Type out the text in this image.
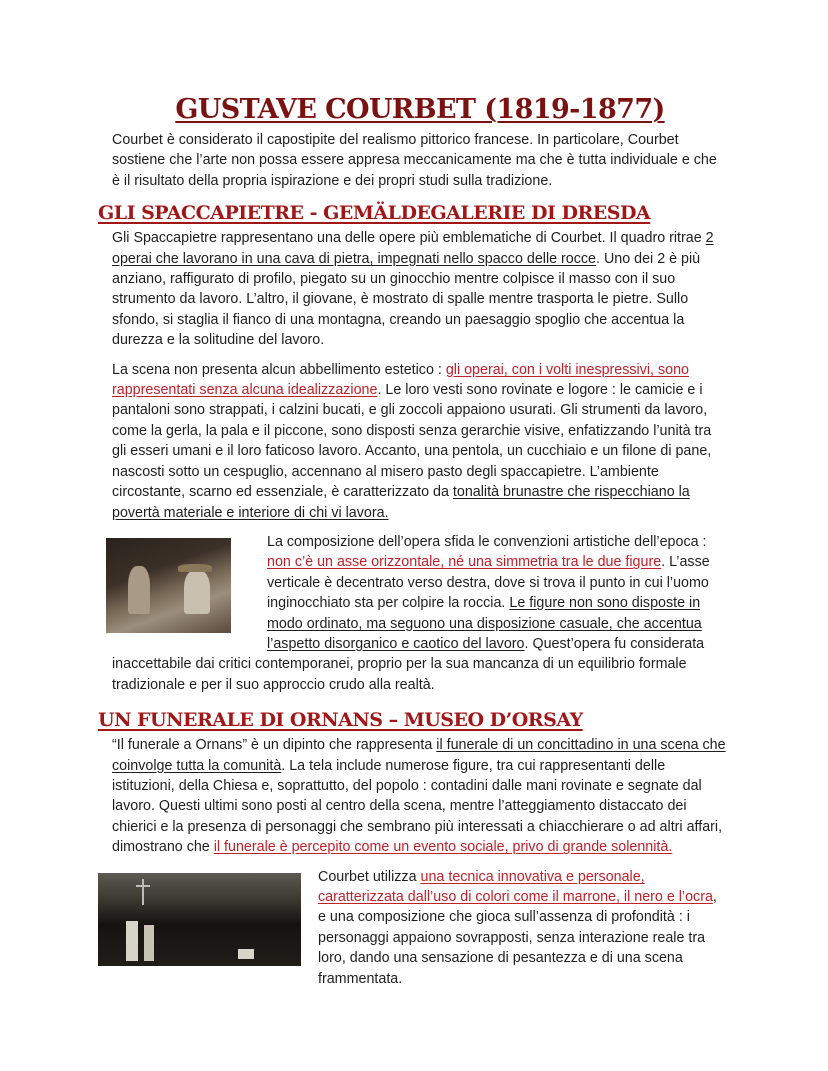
GUSTAVE COURBET (1819-1877)

Courbet è considerato il capostipite del realismo pittorico francese. In particolare, Courbet sostiene che l’arte non possa essere appresa meccanicamente ma che è tutta individuale e che è il risultato della propria ispirazione e dei propri studi sulla tradizione.

GLI SPACCAPIETRE - GEMÄLDEGALERIE DI DRESDA

Gli Spaccapietre rappresentano una delle opere più emblematiche di Courbet. Il quadro ritrae 2 operai che lavorano in una cava di pietra, impegnati nello spacco delle rocce. Uno dei 2 è più anziano, raffigurato di profilo, piegato su un ginocchio mentre colpisce il masso con il suo strumento da lavoro. L’altro, il giovane, è mostrato di spalle mentre trasporta le pietre. Sullo sfondo, si staglia il fianco di una montagna, creando un paesaggio spoglio che accentua la durezza e la solitudine del lavoro.

La scena non presenta alcun abbellimento estetico : gli operai, con i volti inespressivi, sono rappresentati senza alcuna idealizzazione. Le loro vesti sono rovinate e logore : le camicie e i pantaloni sono strappati, i calzini bucati, e gli zoccoli appaiono usurati. Gli strumenti da lavoro, come la gerla, la pala e il piccone, sono disposti senza gerarchie visive, enfatizzando l’unità tra gli esseri umani e il loro faticoso lavoro. Accanto, una pentola, un cucchiaio e un filone di pane, nascosti sotto un cespuglio, accennano al misero pasto degli spaccapietre. L’ambiente circostante, scarno ed essenziale, è caratterizzato da tonalità brunastre che rispecchiano la povertà materiale e interiore di chi vi lavora.

La composizione dell’opera sfida le convenzioni artistiche dell’epoca : non c’è un asse orizzontale, né una simmetria tra le due figure. L’asse verticale è decentrato verso destra, dove si trova il punto in cui l’uomo inginocchiato sta per colpire la roccia. Le figure non sono disposte in modo ordinato, ma seguono una disposizione casuale, che accentua l’aspetto disorganico e caotico del lavoro. Quest’opera fu considerata inaccettabile dai critici contemporanei, proprio per la sua mancanza di un equilibrio formale tradizionale e per il suo approccio crudo alla realtà.

UN FUNERALE DI ORNANS – MUSEO D’ORSAY

“Il funerale a Ornans” è un dipinto che rappresenta il funerale di un concittadino in una scena che coinvolge tutta la comunità. La tela include numerose figure, tra cui rappresentanti delle istituzioni, della Chiesa e, soprattutto, del popolo : contadini dalle mani rovinate e segnate dal lavoro. Questi ultimi sono posti al centro della scena, mentre l’atteggiamento distaccato dei chierici e la presenza di personaggi che sembrano più interessati a chiacchierare o ad altri affari, dimostrano che il funerale è percepito come un evento sociale, privo di grande solennità.

Courbet utilizza una tecnica innovativa e personale, caratterizzata dall’uso di colori come il marrone, il nero e l’ocra, e una composizione che gioca sull’assenza di profondità : i personaggi appaiono sovrapposti, senza interazione reale tra loro, dando una sensazione di pesantezza e di una scena frammentata.
